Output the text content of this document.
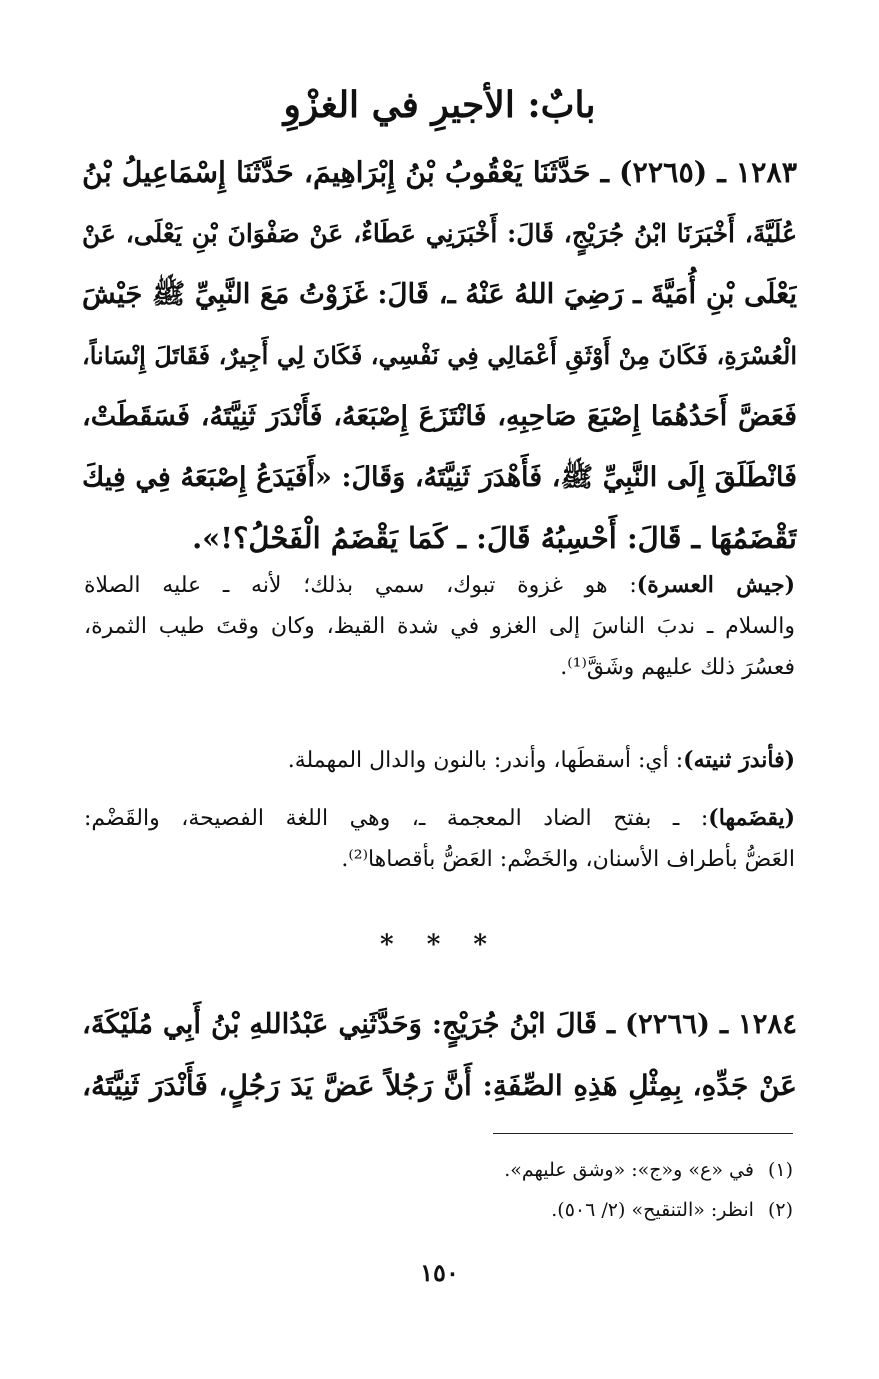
بابٌ: الأجيرِ في الغزْوِ
١٢٨٣ ـ (٢٢٦٥) ـ حَدَّثَنَا يَعْقُوبُ بْنُ إِبْرَاهِيمَ، حَدَّثَنَا إِسْمَاعِيلُ بْنُ
عُلَيَّةَ، أَخْبَرَنَا ابْنُ جُرَيْجٍ، قَالَ: أَخْبَرَنِي عَطَاءٌ، عَنْ صَفْوَانَ بْنِ يَعْلَى، عَنْ
يَعْلَى بْنِ أُمَيَّةَ ـ رَضِيَ اللهُ عَنْهُ ـ، قَالَ: غَزَوْتُ مَعَ النَّبِيِّ ﷺ جَيْشَ
الْعُسْرَةِ، فَكَانَ مِنْ أَوْثَقِ أَعْمَالِي فِي نَفْسِي، فَكَانَ لِي أَجِيرٌ، فَقَاتَلَ إِنْسَاناً،
فَعَضَّ أَحَدُهُمَا إِصْبَعَ صَاحِبِهِ، فَانْتَزَعَ إِصْبَعَهُ، فَأَنْدَرَ ثَنِيَّتَهُ، فَسَقَطَتْ،
فَانْطَلَقَ إِلَى النَّبِيِّ ﷺ، فَأَهْدَرَ ثَنِيَّتَهُ، وَقَالَ: «أَفَيَدَعُ إِصْبَعَهُ فِي فِيكَ
تَقْضَمُهَا ـ قَالَ: أَحْسِبُهُ قَالَ: ـ كَمَا يَقْضَمُ الْفَحْلُ؟!».
(جيش العسرة): هو غزوة تبوك، سمي بذلك؛ لأنه ـ عليه الصلاة
والسلام ـ ندبَ الناسَ إلى الغزو في شدة القيظ، وكان وقتَ طيب الثمرة،
فعسُرَ ذلك عليهم وشَقَّ⁽¹⁾.
(فأندرَ ثنيته): أي: أسقطَها، وأندر: بالنون والدال المهملة.
(يقضَمها): ـ بفتح الضاد المعجمة ـ، وهي اللغة الفصيحة، والقَضْم:
العَضُّ بأطراف الأسنان، والخَضْم: العَضُّ بأقصاها⁽²⁾.
* * *
١٢٨٤ ـ (٢٢٦٦) ـ قَالَ ابْنُ جُرَيْجٍ: وَحَدَّثَنِي عَبْدُاللهِ بْنُ أَبِي مُلَيْكَةَ،
عَنْ جَدِّهِ، بِمِثْلِ هَذِهِ الصِّفَةِ: أَنَّ رَجُلاً عَضَّ يَدَ رَجُلٍ، فَأَنْدَرَ ثَنِيَّتَهُ،
(١)في «ع» و«ج»: «وشق عليهم».
(٢)انظر: «التنقيح» (٢/ ٥٠٦).
١٥٠
